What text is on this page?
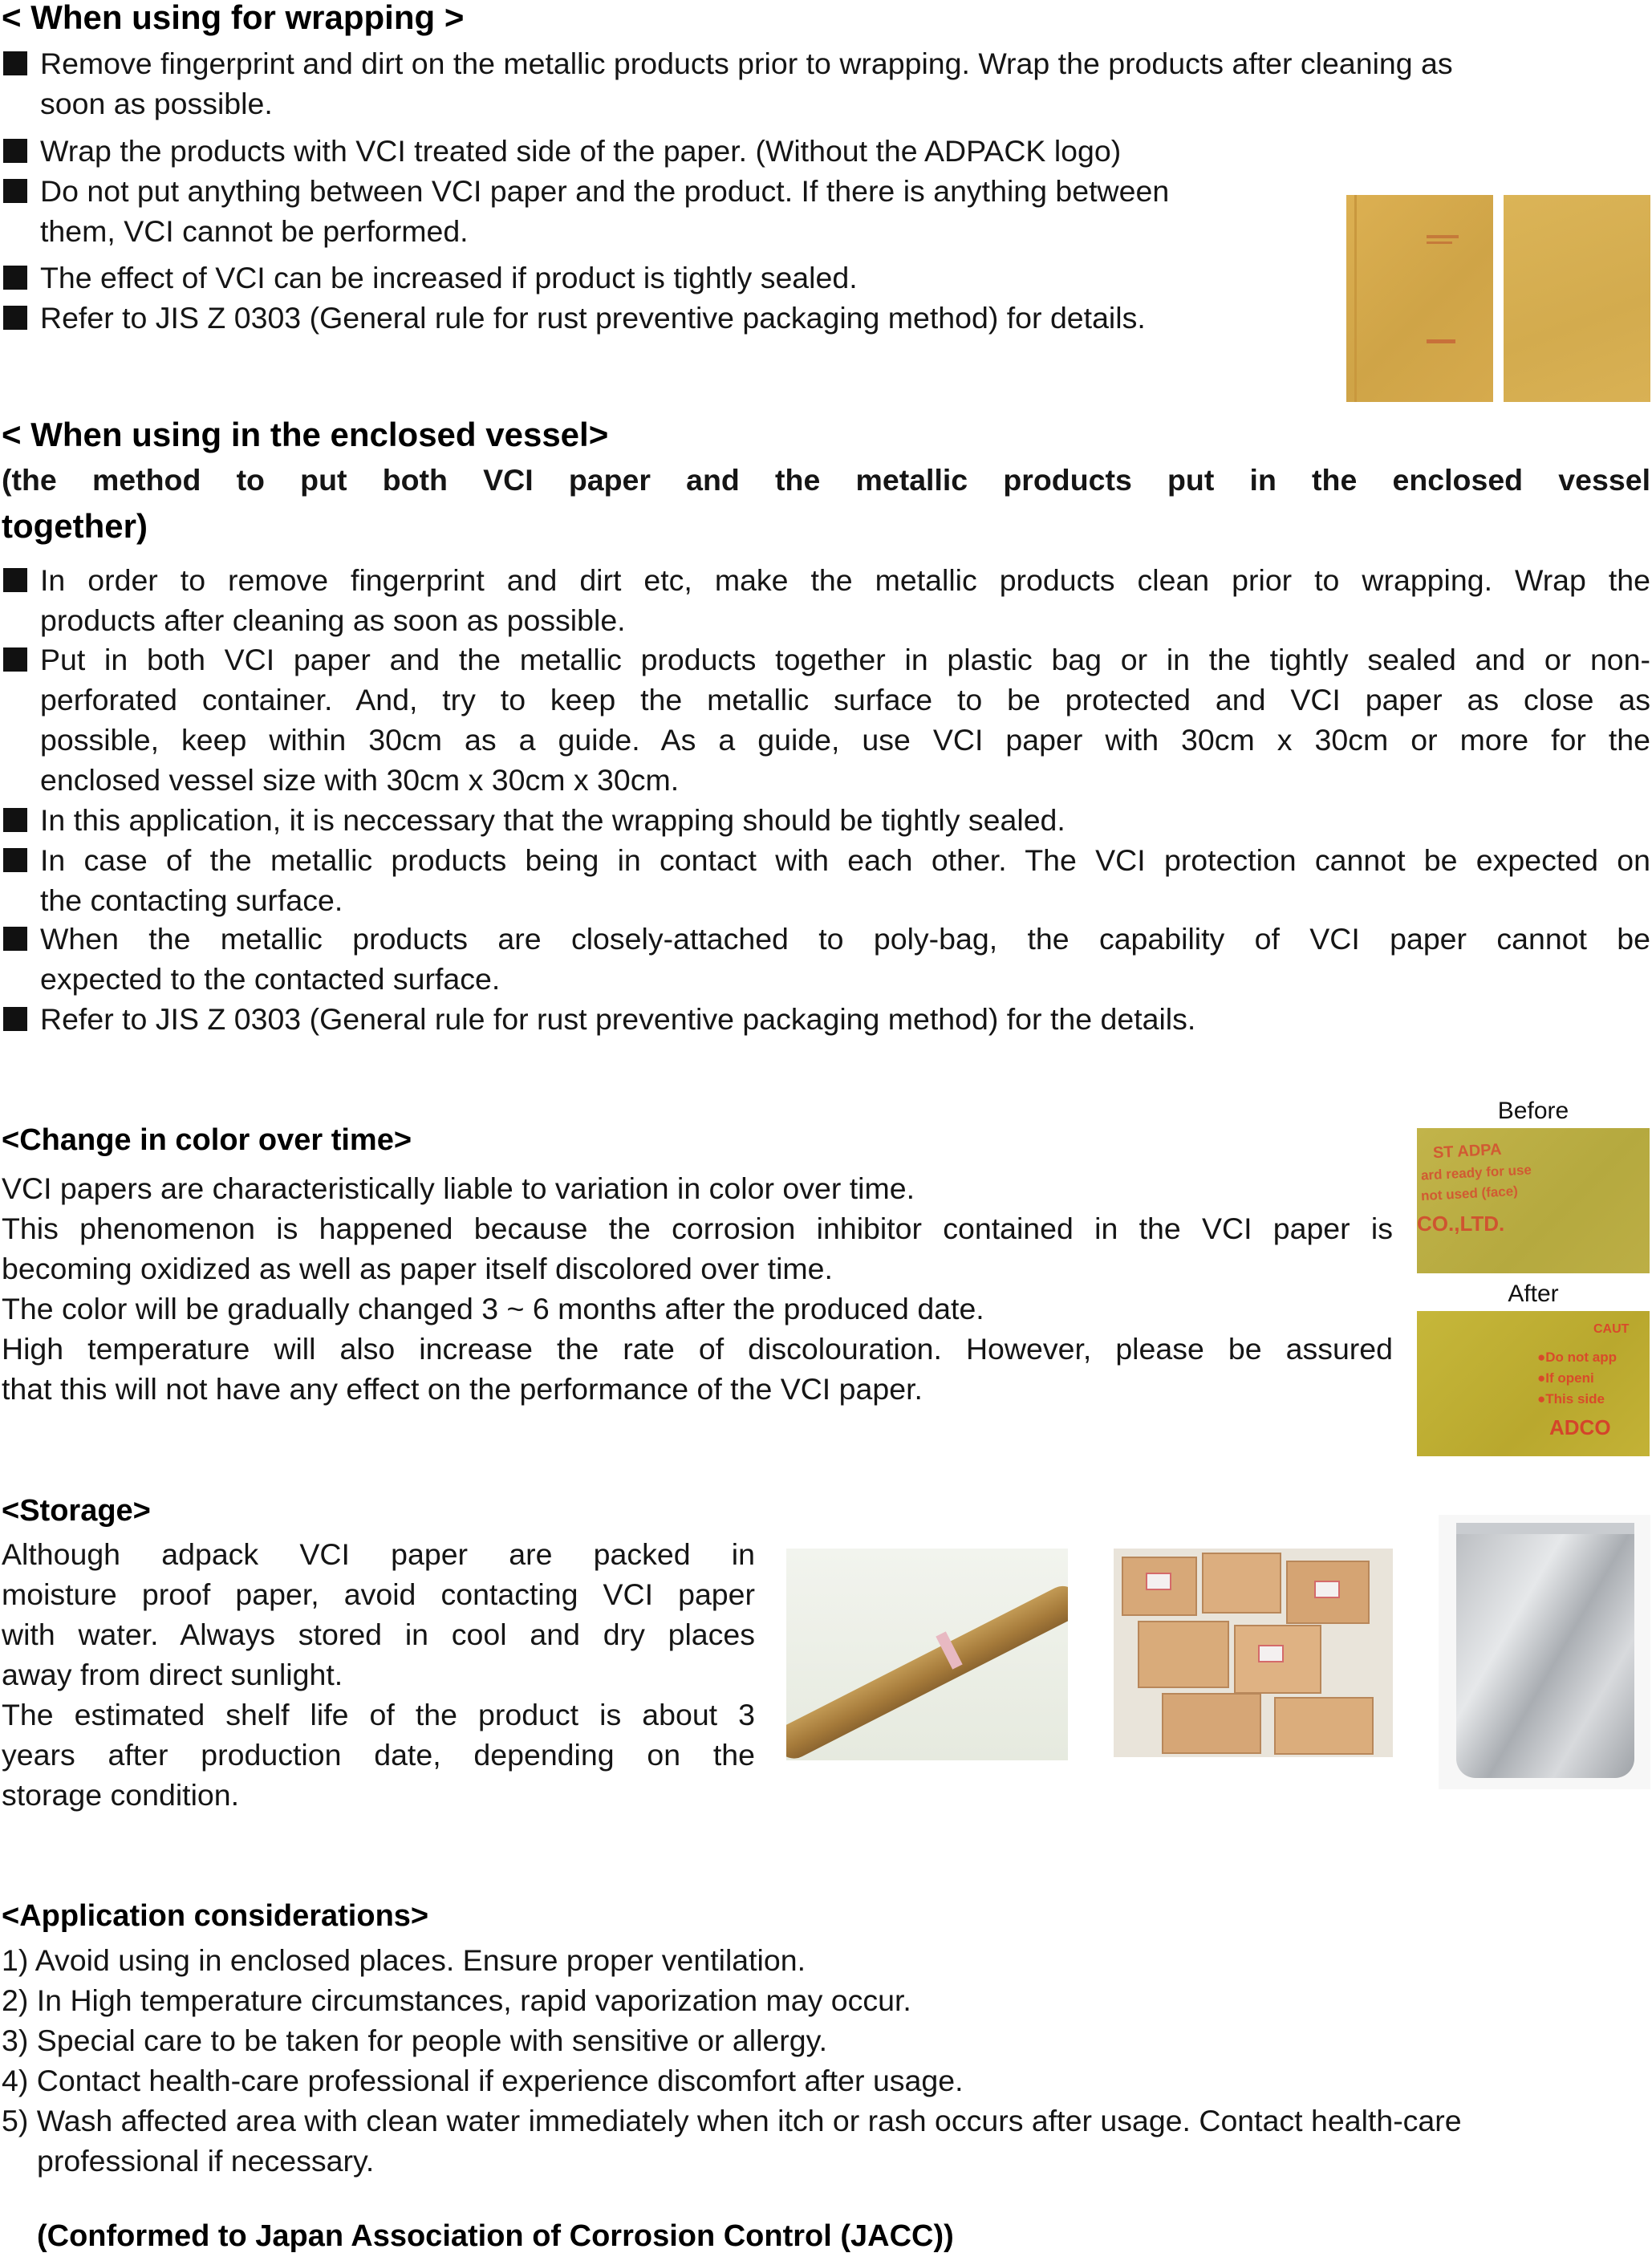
< When using for wrapping >
Remove fingerprint and dirt on the metallic products prior to wrapping. Wrap the products after cleaning as
soon as possible.
Wrap the products with VCI treated side of the paper. (Without the ADPACK logo)
Do not put anything between VCI paper and the product. If there is anything between
them, VCI cannot be performed.
The effect of VCI can be increased if product is tightly sealed.
Refer to JIS Z 0303 (General rule for rust preventive packaging method) for details.
< When using in the enclosed vessel>
(the method to put both VCI paper and the metallic products put in the enclosed vessel
together)
In order to remove fingerprint and dirt etc, make the metallic products clean prior to wrapping. Wrap the
products after cleaning as soon as possible.
Put in both VCI paper and the metallic products together in plastic bag or in the tightly sealed and or non-
perforated container. And, try to keep the metallic surface to be protected and VCI paper as close as
possible, keep within 30cm as a guide. As a guide, use VCI paper with 30cm x 30cm or more for the
enclosed vessel size with 30cm x 30cm x 30cm.
In this application, it is neccessary that the wrapping should be tightly sealed.
In case of the metallic products being in contact with each other. The VCI protection cannot be expected on
the contacting surface.
When the metallic products are closely-attached to poly-bag, the capability of VCI paper cannot be
expected to the contacted surface.
Refer to JIS Z 0303 (General rule for rust preventive packaging method) for the details.
<Change in color over time>
VCI papers are characteristically liable to variation in color over time.
This phenomenon is happened because the corrosion inhibitor contained in the VCI paper is
becoming oxidized as well as paper itself discolored over time.
The color will be gradually changed 3 ~ 6 months after the produced date.
High temperature will also increase the rate of discolouration. However, please be assured
that this will not have any effect on the performance of the VCI paper.
Before
ST ADPA
ard ready for use
not used (face)
CO.,LTD.
After
CAUT
●Do not app
●If openi
●This side
ADCO
<Storage>
Although adpack VCI paper are packed in
moisture proof paper, avoid contacting VCI paper
with water. Always stored in cool and dry places
away from direct sunlight.
The estimated shelf life of the product is about 3
years after production date, depending on the
storage condition.
<Application considerations>
1) Avoid using in enclosed places. Ensure proper ventilation.
2) In High temperature circumstances, rapid vaporization may occur.
3) Special care to be taken for people with sensitive or allergy.
4) Contact health-care professional if experience discomfort after usage.
5) Wash affected area with clean water immediately when itch or rash occurs after usage. Contact health-care
professional if necessary.
(Conformed to Japan Association of Corrosion Control (JACC))
